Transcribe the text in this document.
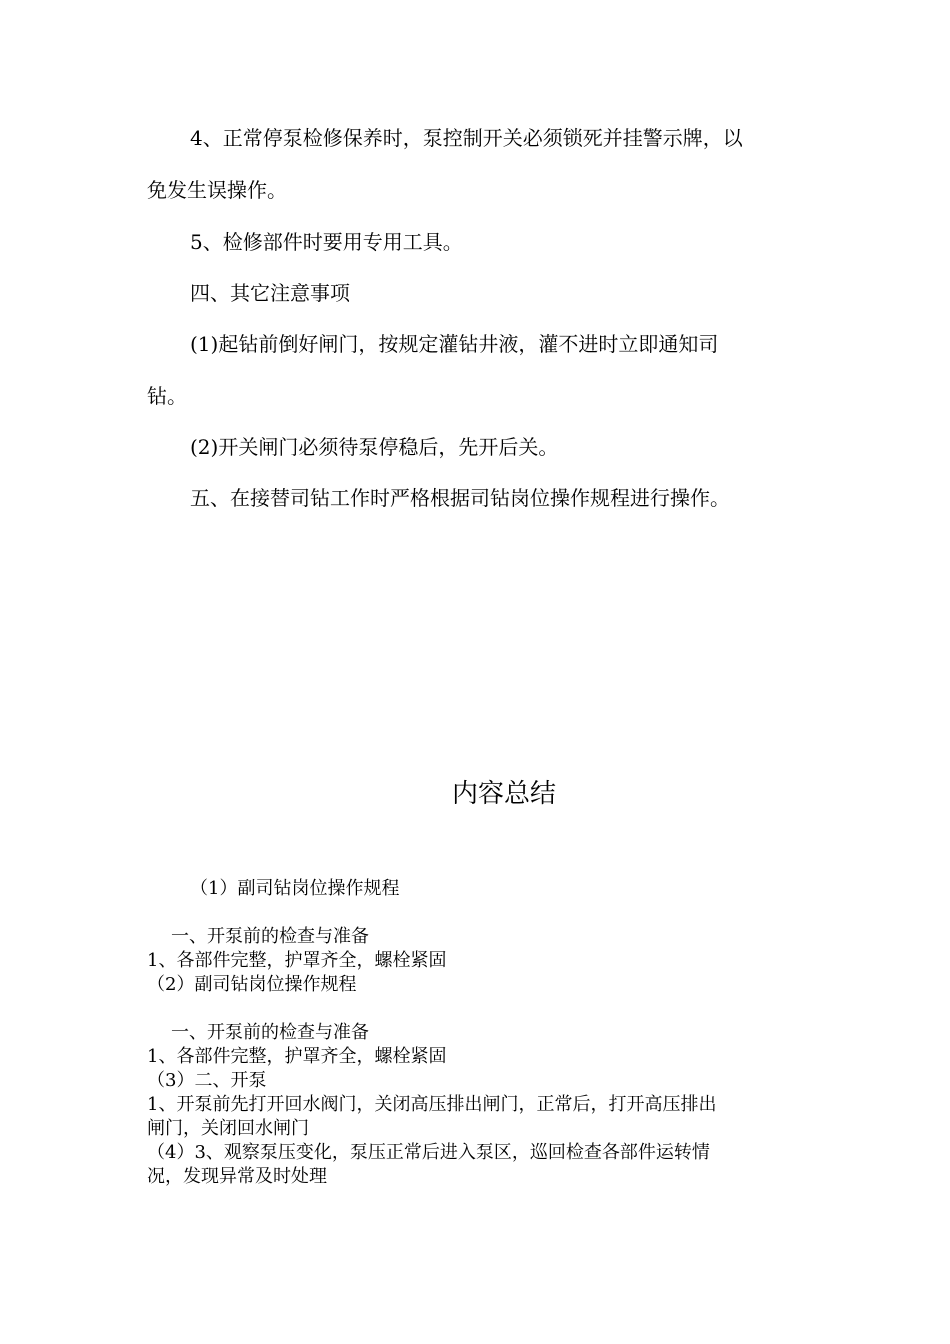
4、正常停泵检修保养时，泵控制开关必须锁死并挂警示牌，以
免发生误操作。
5、检修部件时要用专用工具。
四、其它注意事项
(1)起钻前倒好闸门，按规定灌钻井液，灌不进时立即通知司
钻。
(2)开关闸门必须待泵停稳后，先开后关。
五、在接替司钻工作时严格根据司钻岗位操作规程进行操作。
内容总结
（1）副司钻岗位操作规程
一、开泵前的检查与准备
1、各部件完整，护罩齐全，螺栓紧固
（2）副司钻岗位操作规程
一、开泵前的检查与准备
1、各部件完整，护罩齐全，螺栓紧固
（3）二、开泵
1、开泵前先打开回水阀门，关闭高压排出闸门，正常后，打开高压排出
闸门，关闭回水闸门
（4）3、观察泵压变化，泵压正常后进入泵区，巡回检查各部件运转情
况，发现异常及时处理
